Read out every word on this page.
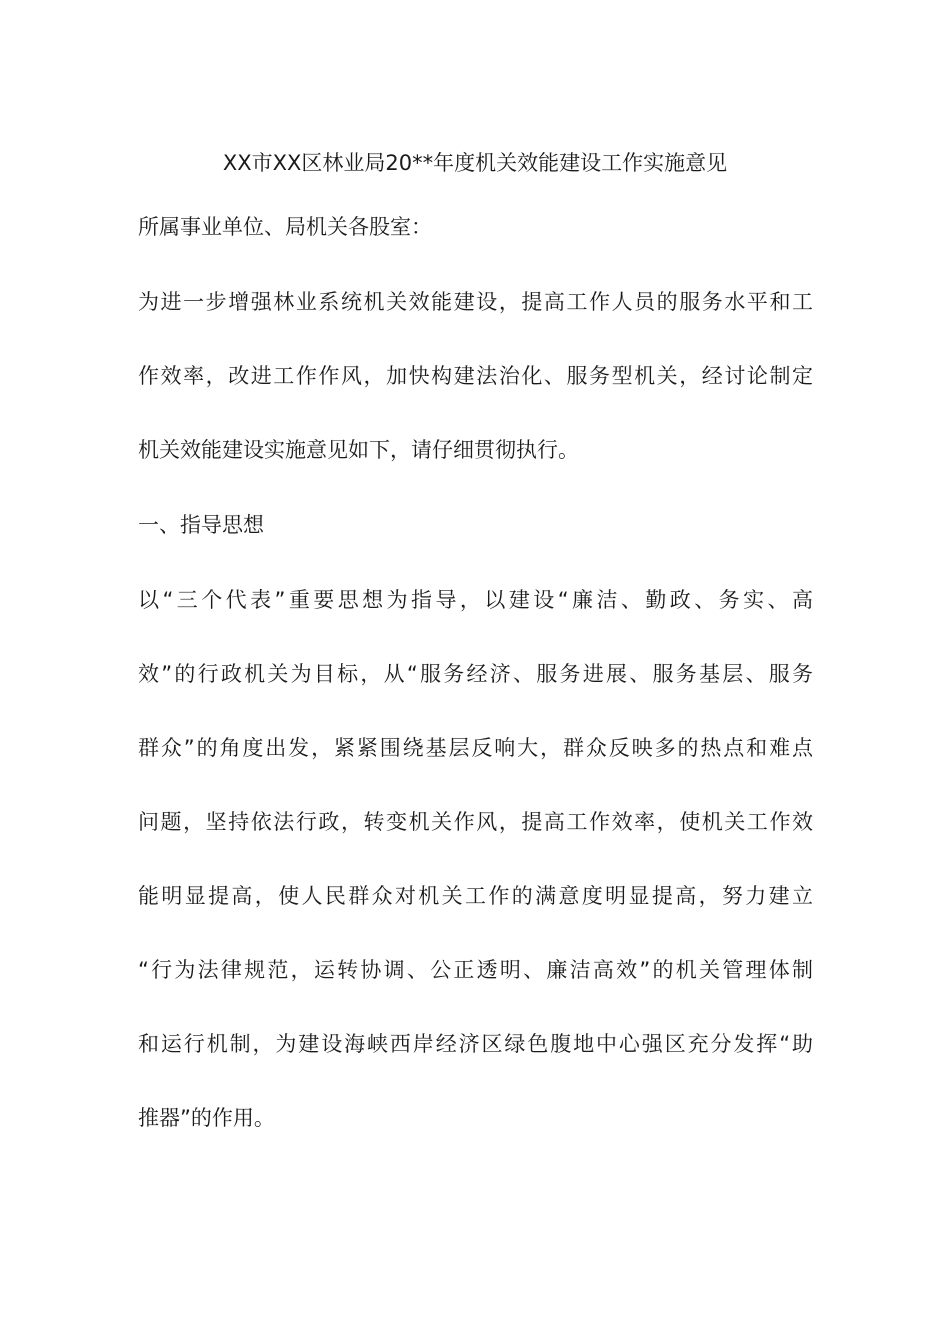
XX市XX区林业局20**年度机关效能建设工作实施意见
所属事业单位、局机关各股室：
为进一步增强林业系统机关效能建设，提高工作人员的服务水平和工
作效率，改进工作作风，加快构建法治化、服务型机关，经讨论制定
机关效能建设实施意见如下，请仔细贯彻执行。
一、指导思想
以“三个代表”重要思想为指导，以建设“廉洁、勤政、务实、高
效”的行政机关为目标，从“服务经济、服务进展、服务基层、服务
群众”的角度出发，紧紧围绕基层反响大，群众反映多的热点和难点
问题，坚持依法行政，转变机关作风，提高工作效率，使机关工作效
能明显提高，使人民群众对机关工作的满意度明显提高，努力建立
“行为法律规范，运转协调、公正透明、廉洁高效”的机关管理体制
和运行机制，为建设海峡西岸经济区绿色腹地中心强区充分发挥“助
推器”的作用。
